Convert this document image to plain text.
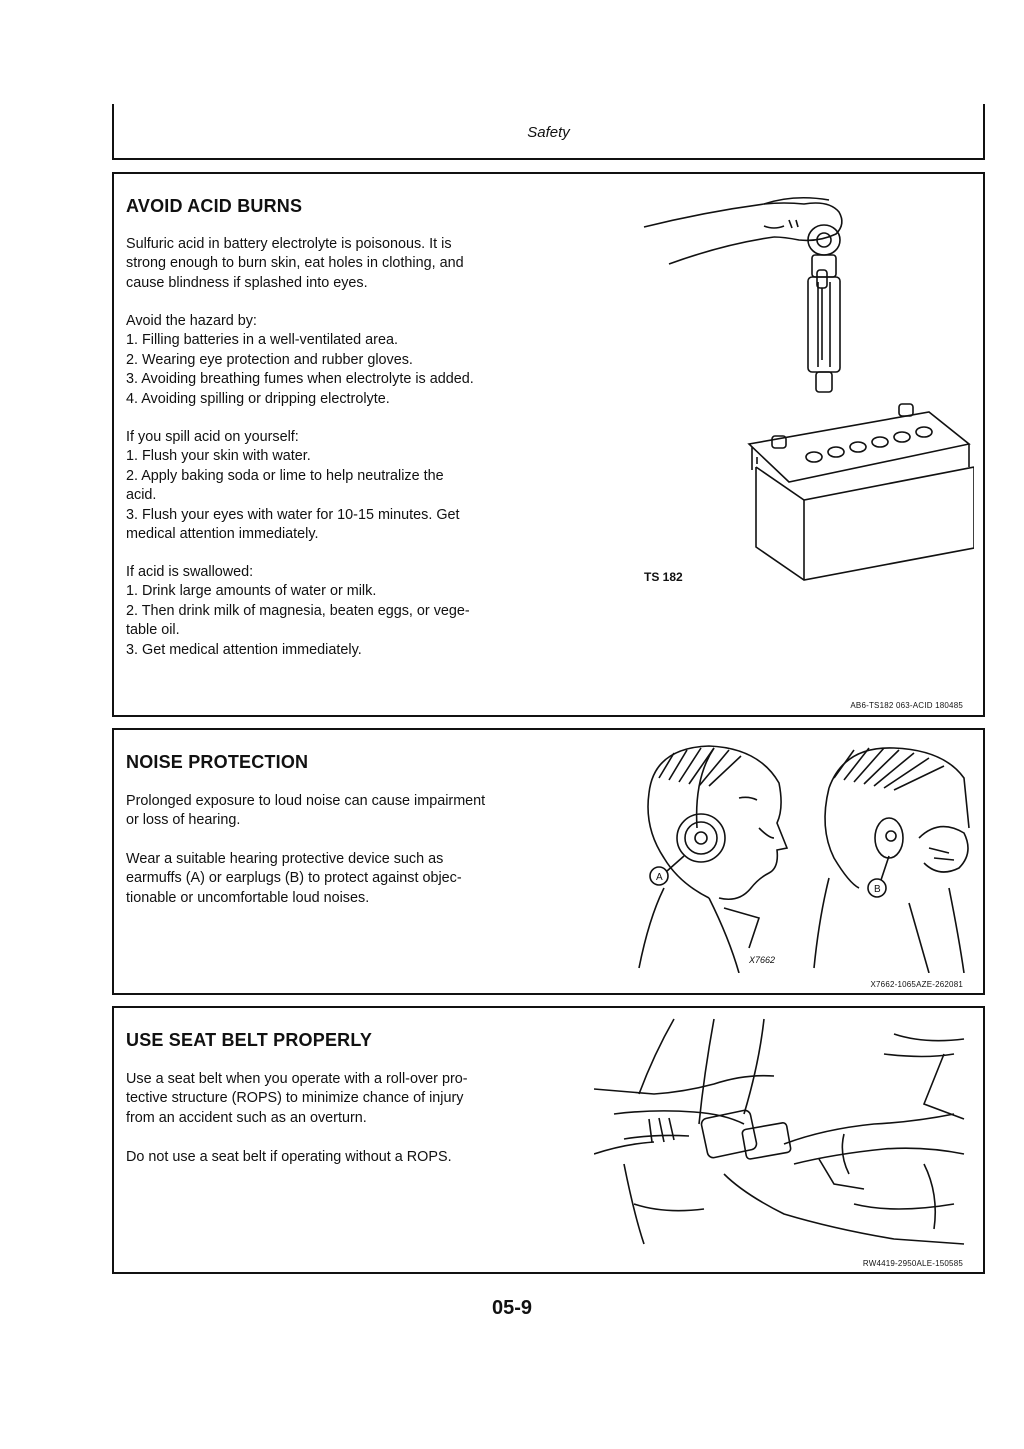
Safety
AVOID ACID BURNS
Sulfuric acid in battery electrolyte is poisonous. It is
strong enough to burn skin, eat holes in clothing, and
cause blindness if splashed into eyes.
Avoid the hazard by:
1. Filling batteries in a well-ventilated area.
2. Wearing eye protection and rubber gloves.
3. Avoiding breathing fumes when electrolyte is added.
4. Avoiding spilling or dripping electrolyte.
If you spill acid on yourself:
1. Flush your skin with water.
2. Apply baking soda or lime to help neutralize the
acid.
3. Flush your eyes with water for 10-15 minutes. Get
medical attention immediately.
If acid is swallowed:
1. Drink large amounts of water or milk.
2. Then drink milk of magnesia, beaten eggs, or vege-
table oil.
3. Get medical attention immediately.
TS 182
AB6-TS182 063-ACID 180485
NOISE PROTECTION
Prolonged exposure to loud noise can cause impairment
or loss of hearing.
Wear a suitable hearing protective device such as
earmuffs (A) or earplugs (B) to protect against objec-
tionable or uncomfortable loud noises.
A
B
X7662
X7662-1065AZE-262081
USE SEAT BELT PROPERLY
Use a seat belt when you operate with a roll-over pro-
tective structure (ROPS) to minimize chance of injury
from an accident such as an overturn.
Do not use a seat belt if operating without a ROPS.
RW4419-2950ALE-150585
05-9
